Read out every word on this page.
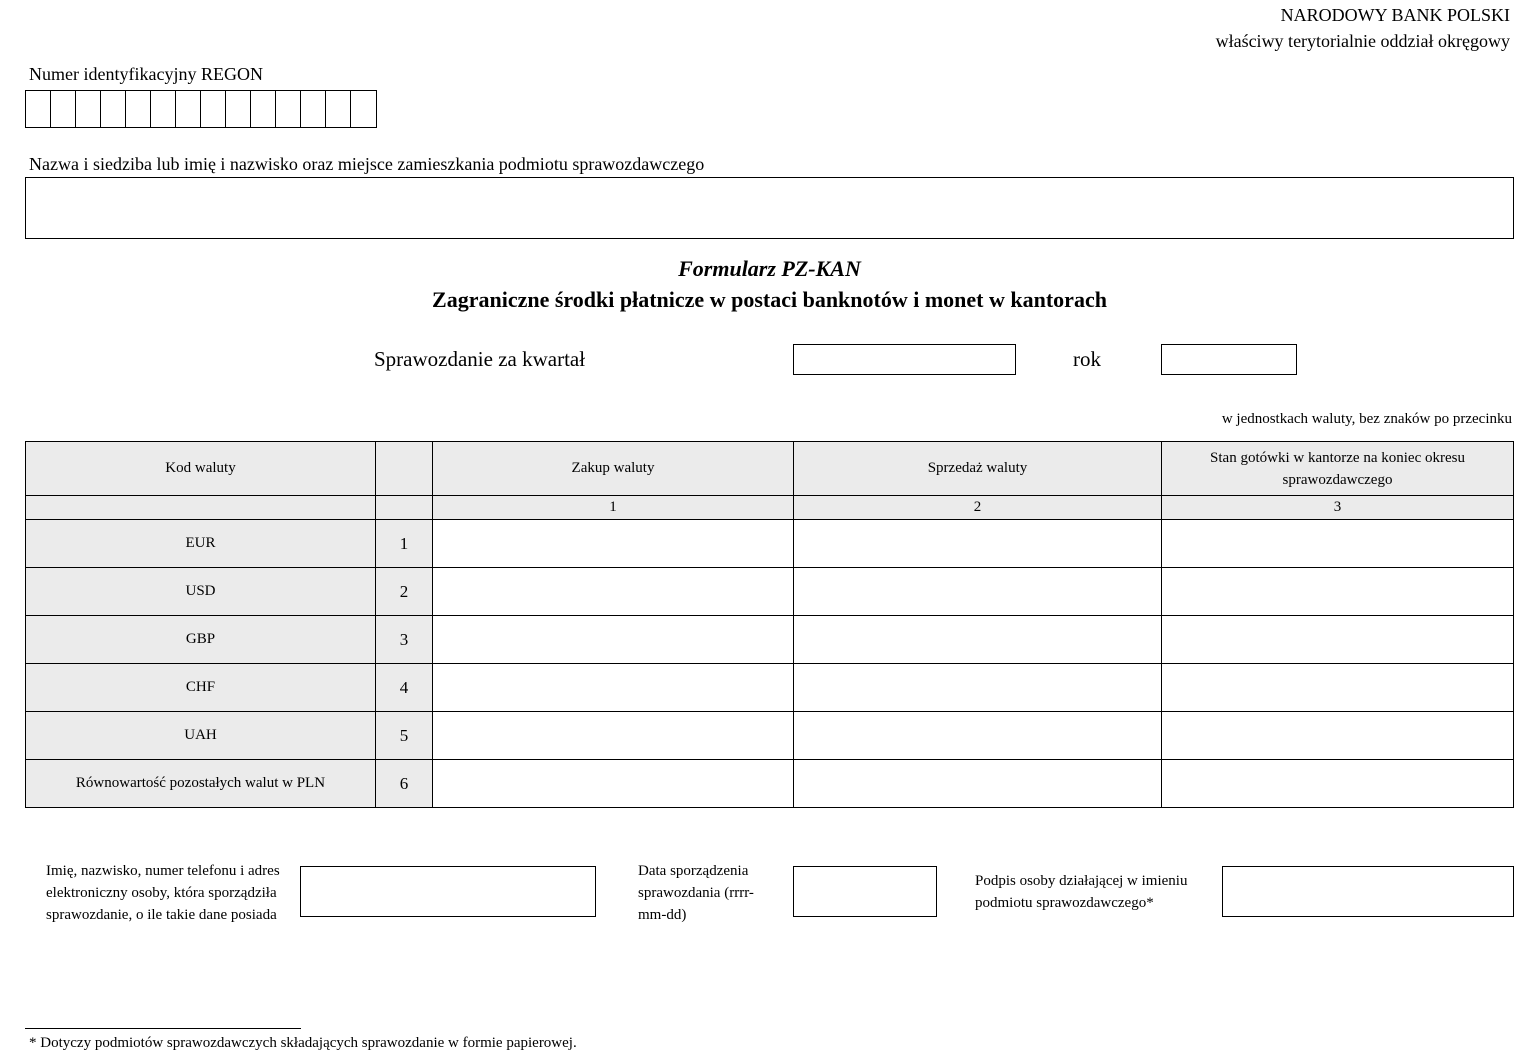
NARODOWY BANK POLSKI
właściwy terytorialnie oddział okręgowy
Numer identyfikacyjny REGON
Nazwa i siedziba lub imię i nazwisko oraz miejsce zamieszkania podmiotu sprawozdawczego
Formularz PZ-KAN
Zagraniczne środki płatnicze w postaci banknotów i monet w kantorach
Sprawozdanie za kwartał	rok
w jednostkach waluty, bez znaków po przecinku
Kod waluty		Zakup waluty	Sprzedaż waluty	Stan gotówki w kantorze na koniec okresu sprawozdawczego
		1	2	3
EUR	1			
USD	2			
GBP	3			
CHF	4			
UAH	5			
Równowartość pozostałych walut w PLN	6			
Imię, nazwisko, numer telefonu i adres elektroniczny osoby, która sporządziła sprawozdanie, o ile takie dane posiada
Data sporządzenia sprawozdania (rrrr-mm-dd)
Podpis osoby działającej w imieniu podmiotu sprawozdawczego*
* Dotyczy podmiotów sprawozdawczych składających sprawozdanie w formie papierowej.
